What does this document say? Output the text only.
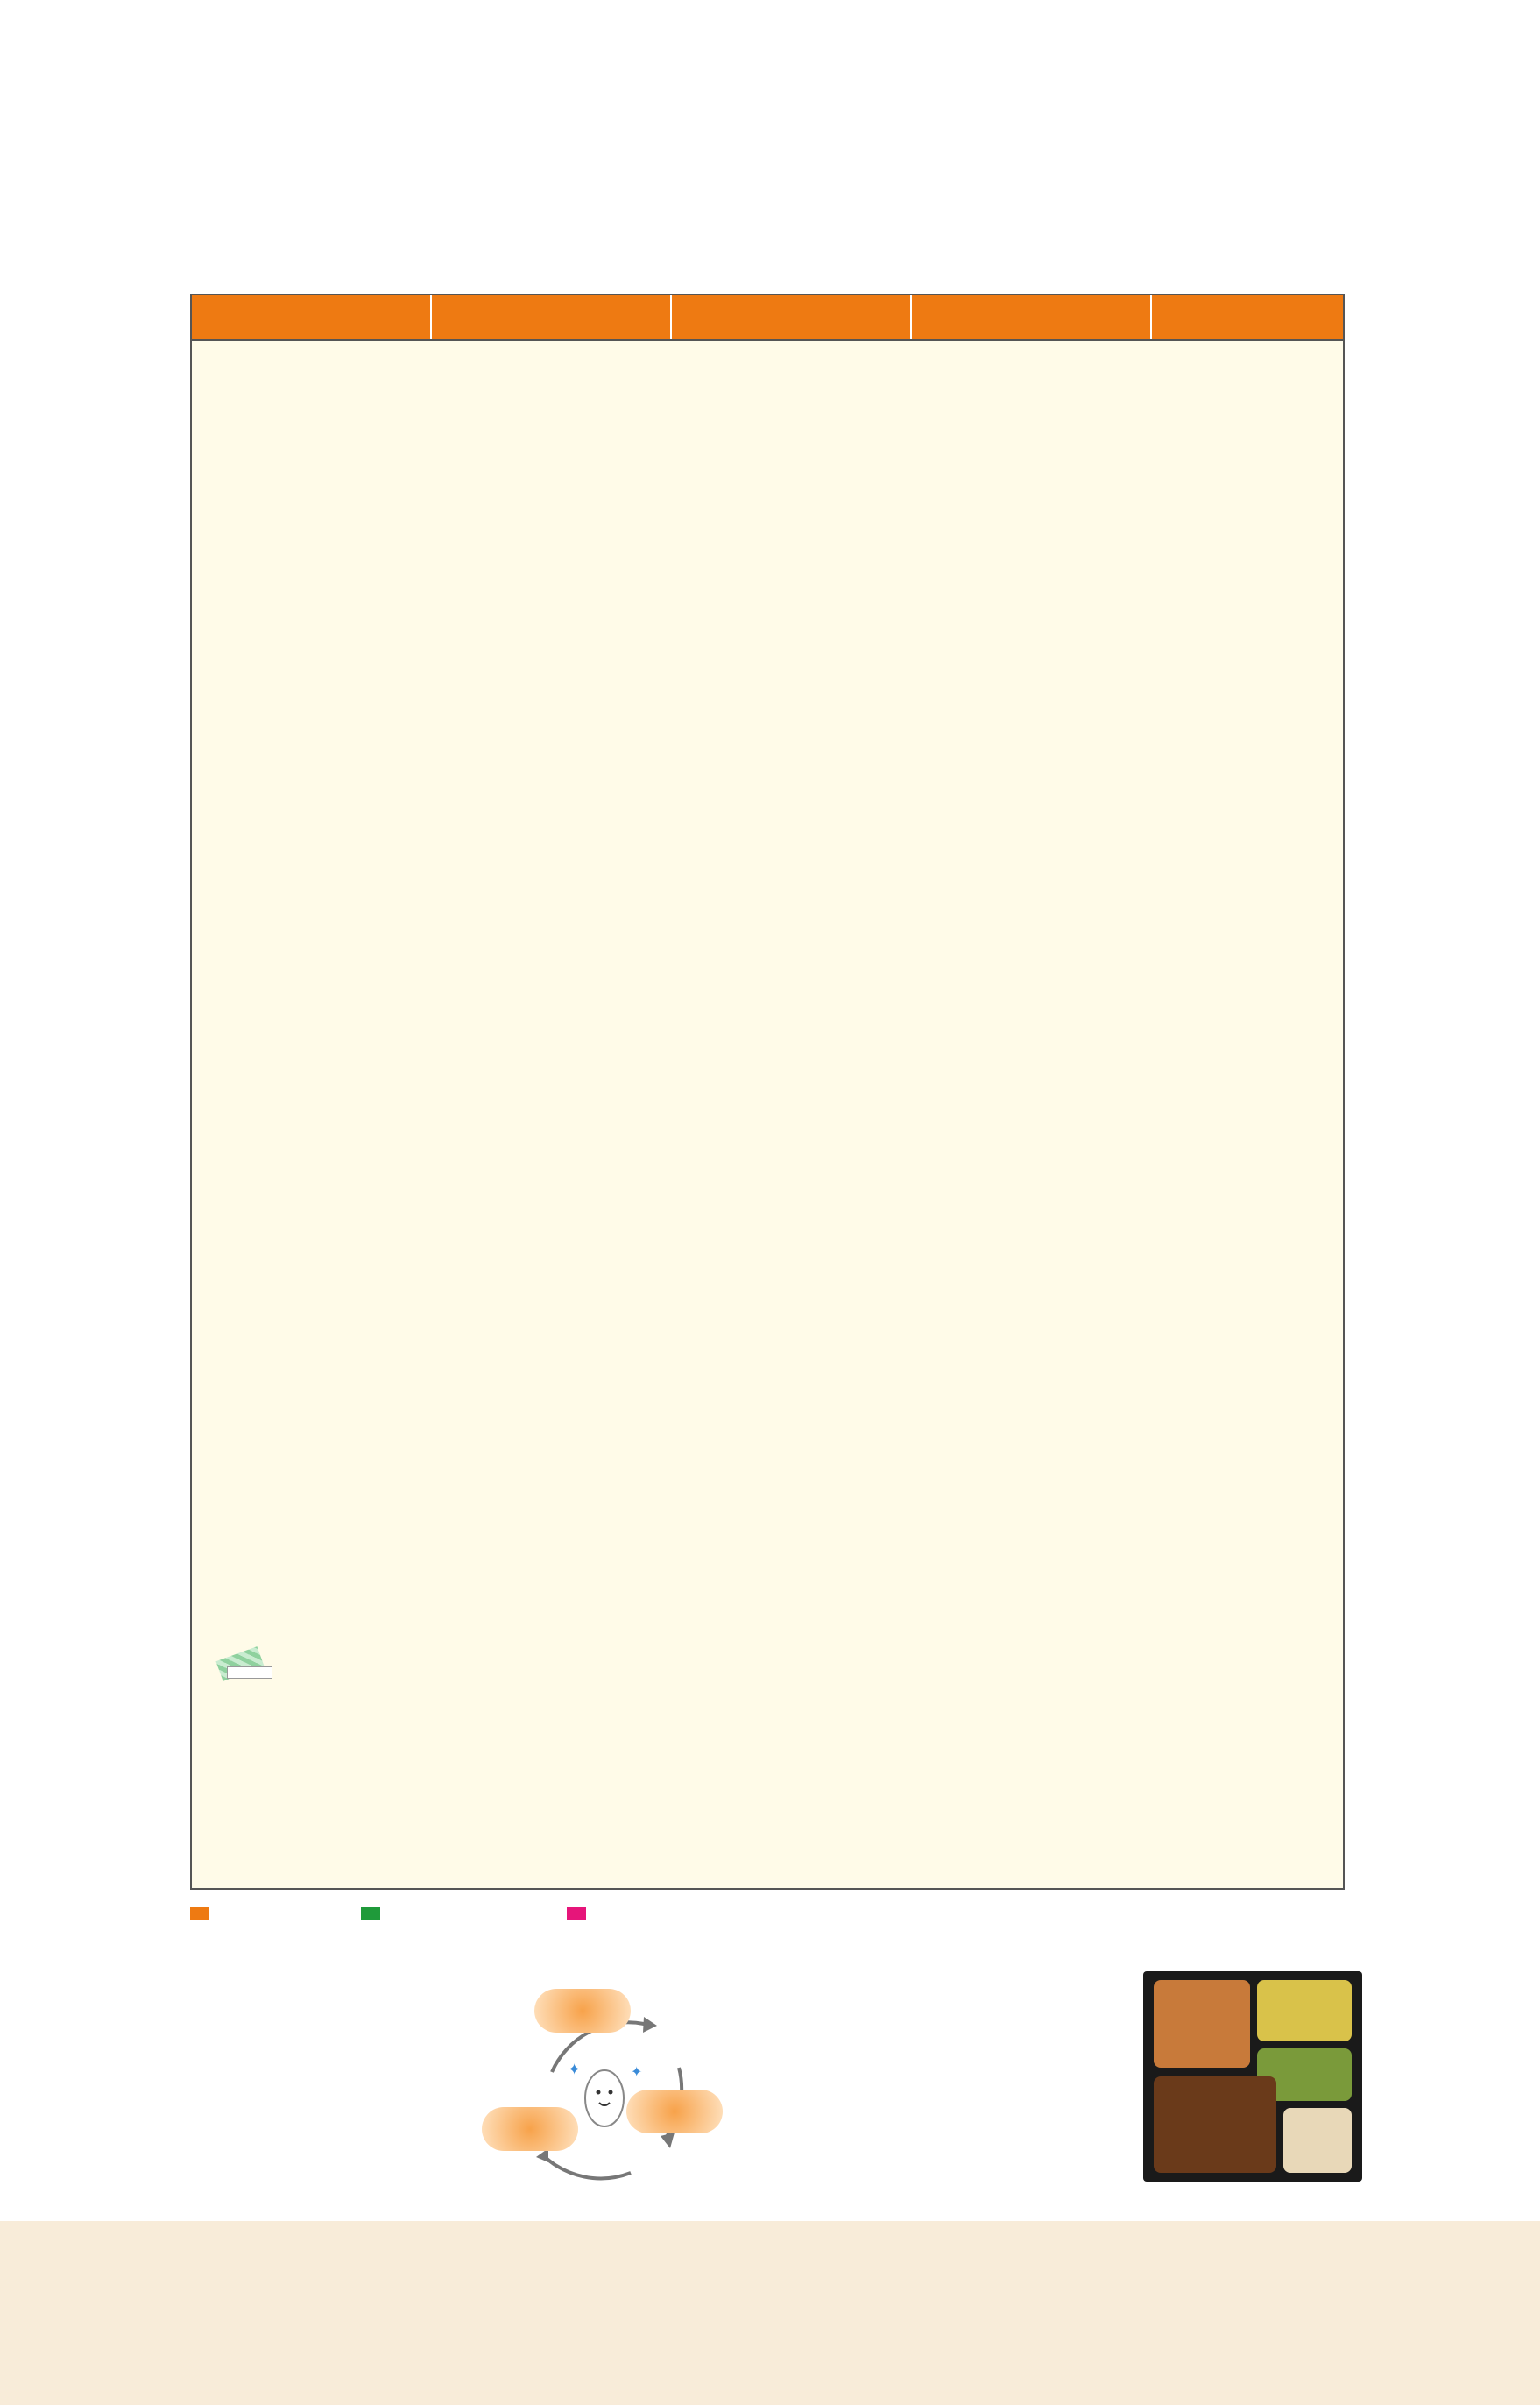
✦	✦
